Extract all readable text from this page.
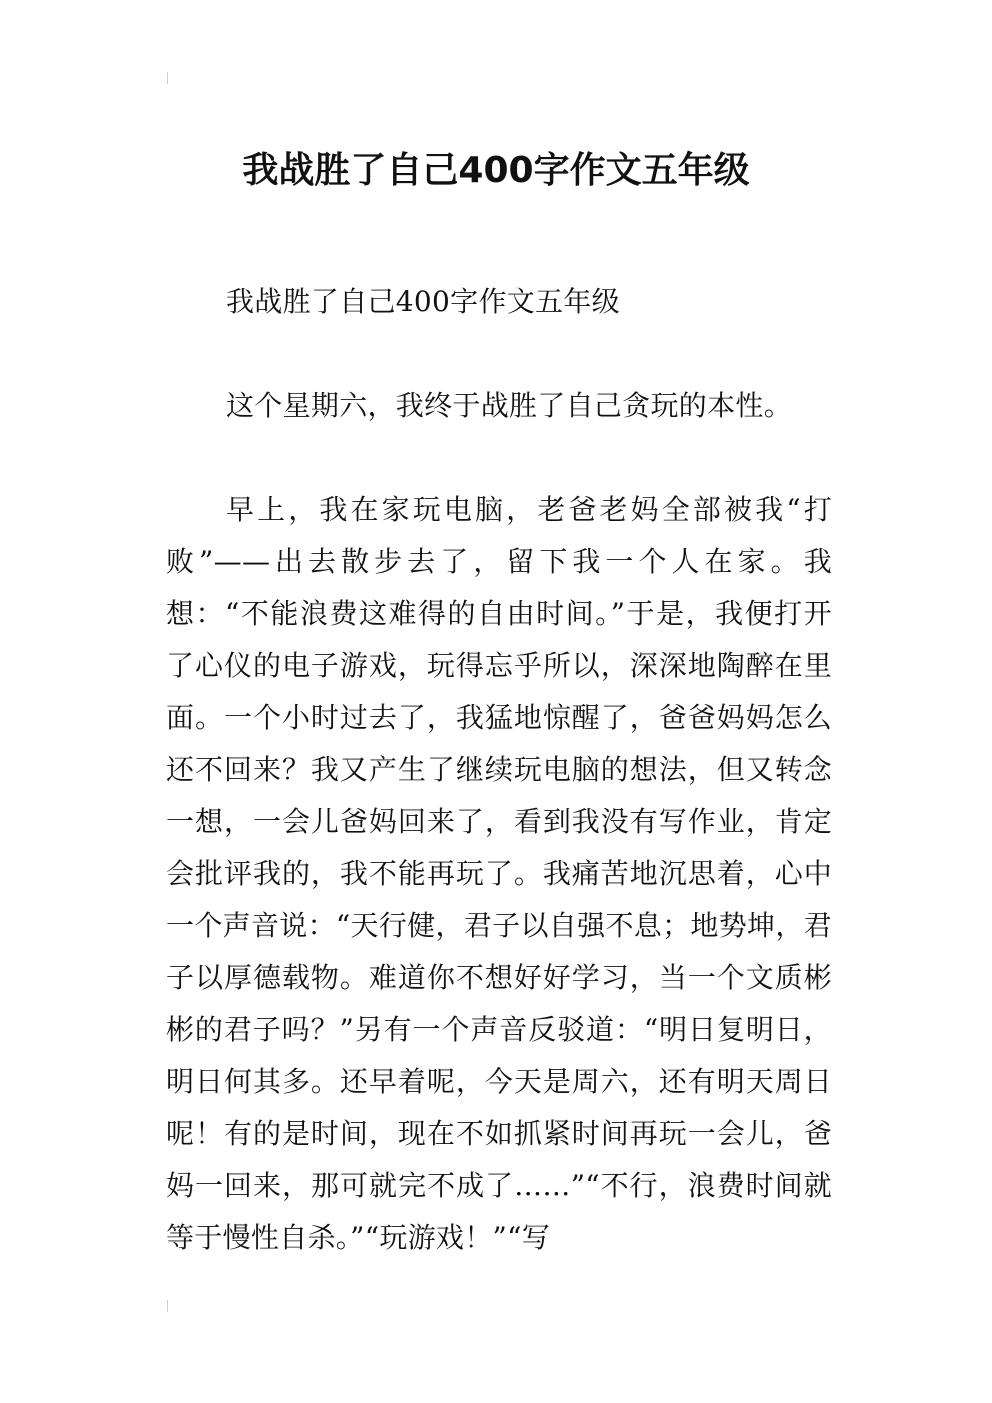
我战胜了自己400字作文五年级

我战胜了自己400字作文五年级

这个星期六，我终于战胜了自己贪玩的本性。

早上，我在家玩电脑，老爸老妈全部被我“打败”——出去散步去了，留下我一个人在家。我想：“不能浪费这难得的自由时间。”于是，我便打开了心仪的电子游戏，玩得忘乎所以，深深地陶醉在里面。一个小时过去了，我猛地惊醒了，爸爸妈妈怎么还不回来？我又产生了继续玩电脑的想法，但又转念一想，一会儿爸妈回来了，看到我没有写作业，肯定会批评我的，我不能再玩了。我痛苦地沉思着，心中一个声音说：“天行健，君子以自强不息；地势坤，君子以厚德载物。难道你不想好好学习，当一个文质彬彬的君子吗？”另有一个声音反驳道：“明日复明日，明日何其多。还早着呢，今天是周六，还有明天周日呢！有的是时间，现在不如抓紧时间再玩一会儿，爸妈一回来，那可就完不成了……”“不行，浪费时间就等于慢性自杀。”“玩游戏！”“写
